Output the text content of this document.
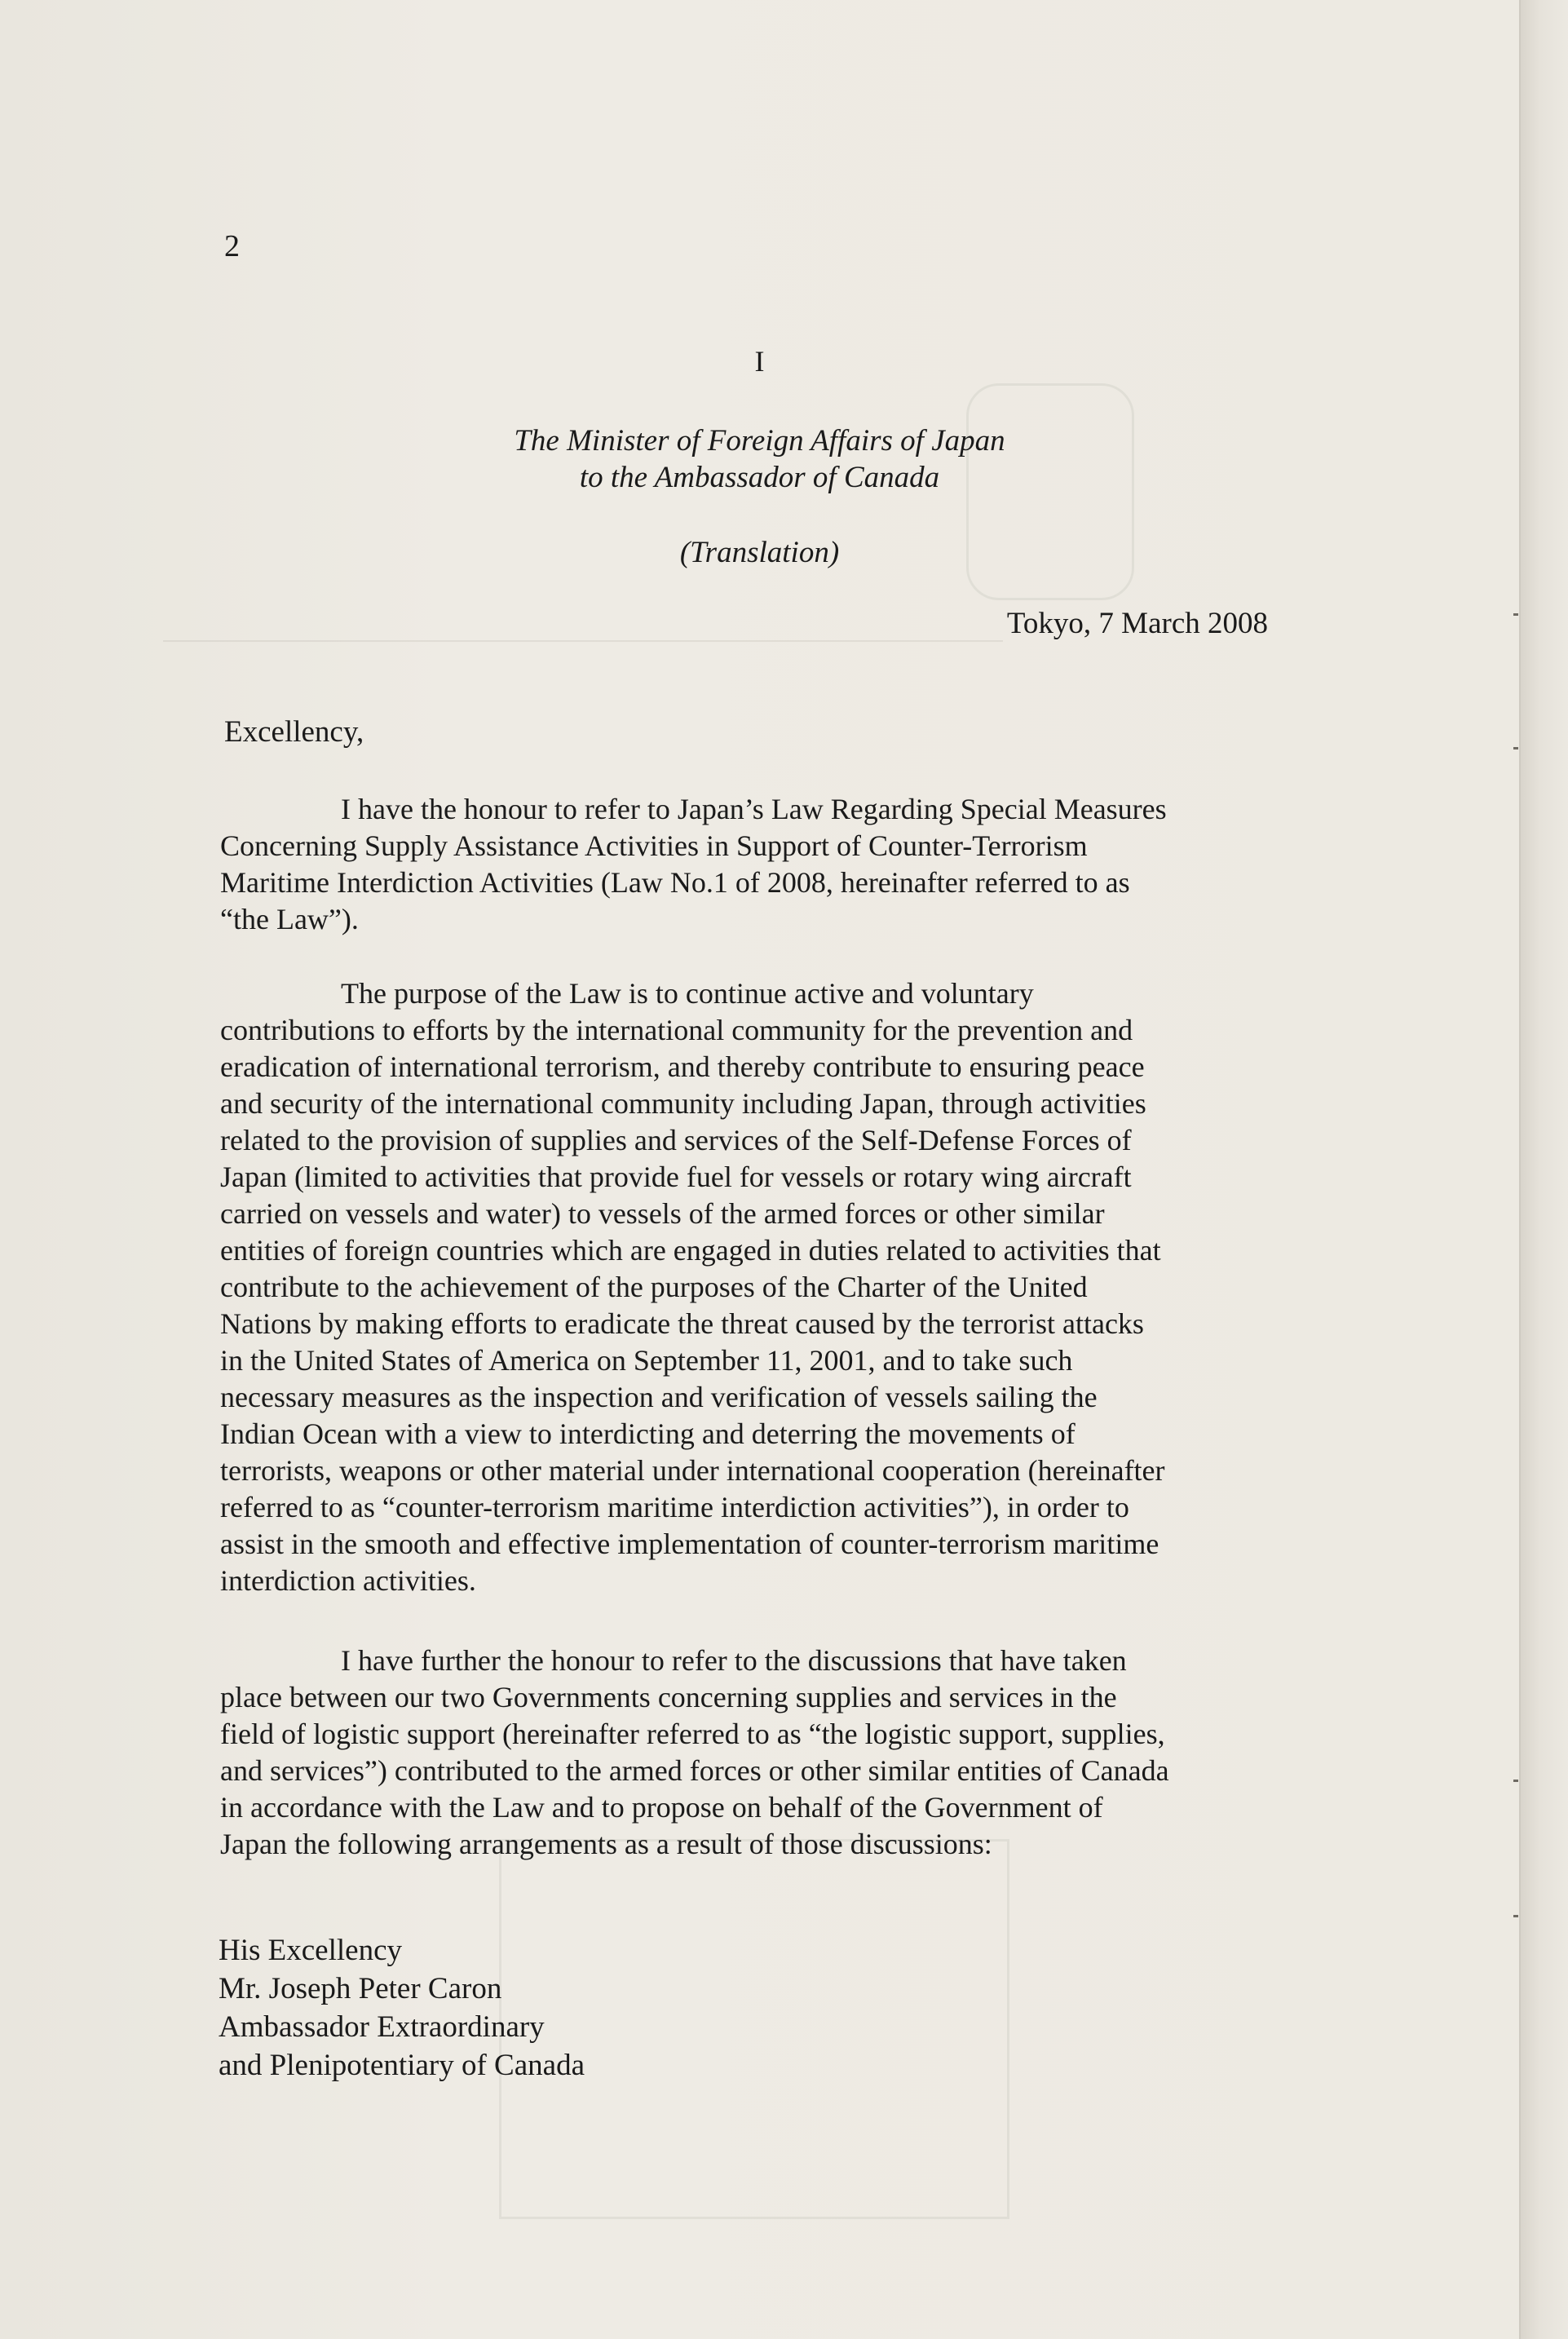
2
I
The Minister of Foreign Affairs of Japan
to the Ambassador of Canada
(Translation)
Tokyo, 7 March 2008
Excellency,

I have the honour to refer to Japan’s Law Regarding Special Measures
Concerning Supply Assistance Activities in Support of Counter-Terrorism
Maritime Interdiction Activities (Law No.1 of 2008, hereinafter referred to as
“the Law”).

The purpose of the Law is to continue active and voluntary
contributions to efforts by the international community for the prevention and
eradication of international terrorism, and thereby contribute to ensuring peace
and security of the international community including Japan, through activities
related to the provision of supplies and services of the Self-Defense Forces of
Japan (limited to activities that provide fuel for vessels or rotary wing aircraft
carried on vessels and water) to vessels of the armed forces or other similar
entities of foreign countries which are engaged in duties related to activities that
contribute to the achievement of the purposes of the Charter of the United
Nations by making efforts to eradicate the threat caused by the terrorist attacks
in the United States of America on September 11, 2001, and to take such
necessary measures as the inspection and verification of vessels sailing the
Indian Ocean with a view to interdicting and deterring the movements of
terrorists, weapons or other material under international cooperation (hereinafter
referred to as “counter-terrorism maritime interdiction activities”), in order to
assist in the smooth and effective implementation of counter-terrorism maritime
interdiction activities.

I have further the honour to refer to the discussions that have taken
place between our two Governments concerning supplies and services in the
field of logistic support (hereinafter referred to as “the logistic support, supplies,
and services”) contributed to the armed forces or other similar entities of Canada
in accordance with the Law and to propose on behalf of the Government of
Japan the following arrangements as a result of those discussions:

His Excellency
Mr. Joseph Peter Caron
Ambassador Extraordinary
and Plenipotentiary of Canada
